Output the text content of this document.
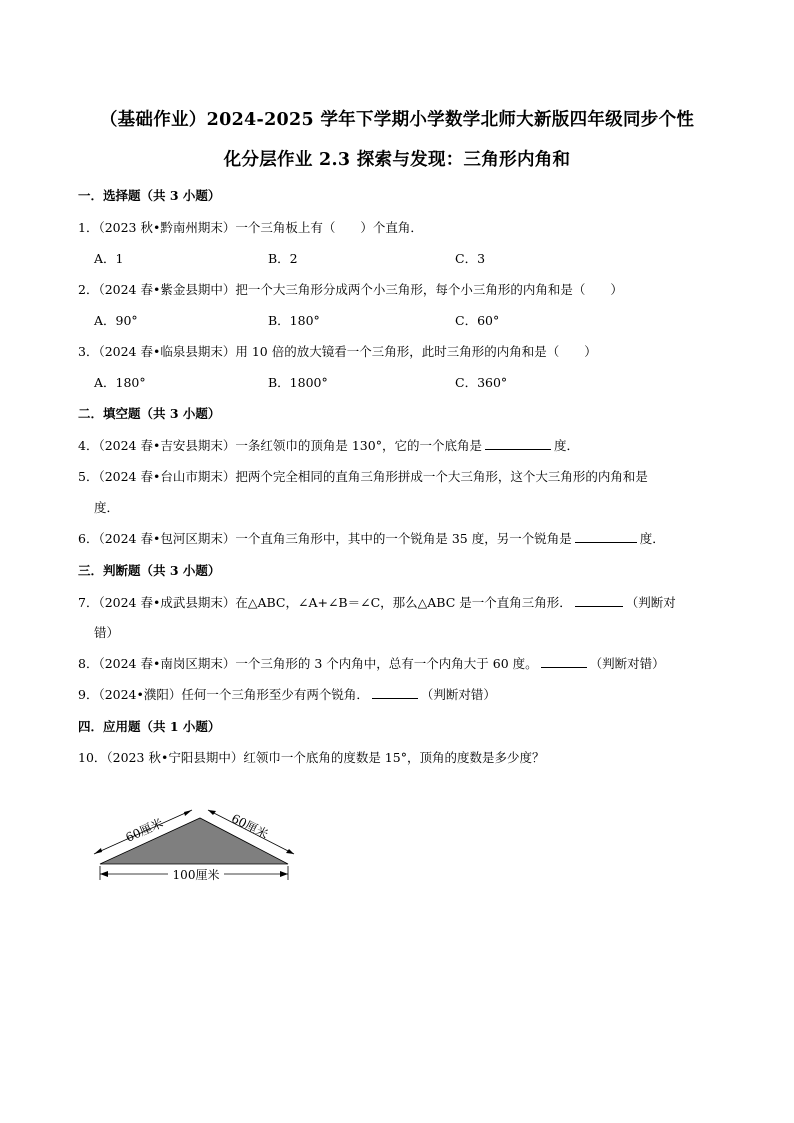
（基础作业）2024-2025 学年下学期小学数学北师大新版四年级同步个性
化分层作业 2.3 探索与发现：三角形内角和
一．选择题（共 3 小题）
1．（2023 秋•黔南州期末）一个三角板上有（　　）个直角．
A．1	B．2	C．3
2．（2024 春•紫金县期中）把一个大三角形分成两个小三角形，每个小三角形的内角和是（　　）
A．90°	B．180°	C．60°
3．（2024 春•临泉县期末）用 10 倍的放大镜看一个三角形，此时三角形的内角和是（　　）
A．180°	B．1800°	C．360°
二．填空题（共 3 小题）
4．（2024 春•吉安县期末）一条红领巾的顶角是 130°，它的一个底角是	度．
5．（2024 春•台山市期末）把两个完全相同的直角三角形拼成一个大三角形，这个大三角形的内角和是
度．
6．（2024 春•包河区期末）一个直角三角形中，其中的一个锐角是 35 度，另一个锐角是	度．
三．判断题（共 3 小题）
7．（2024 春•成武县期末）在△ABC，∠A+∠B＝∠C，那么△ABC 是一个直角三角形．	（判断对
错）
8．（2024 春•南岗区期末）一个三角形的 3 个内角中，总有一个内角大于 60 度。	（判断对错）
9．（2024•濮阳）任何一个三角形至少有两个锐角．	（判断对错）
四．应用题（共 1 小题）
10．（2023 秋•宁阳县期中）红领巾一个底角的度数是 15°，顶角的度数是多少度？
100厘米
60厘米	60厘米
